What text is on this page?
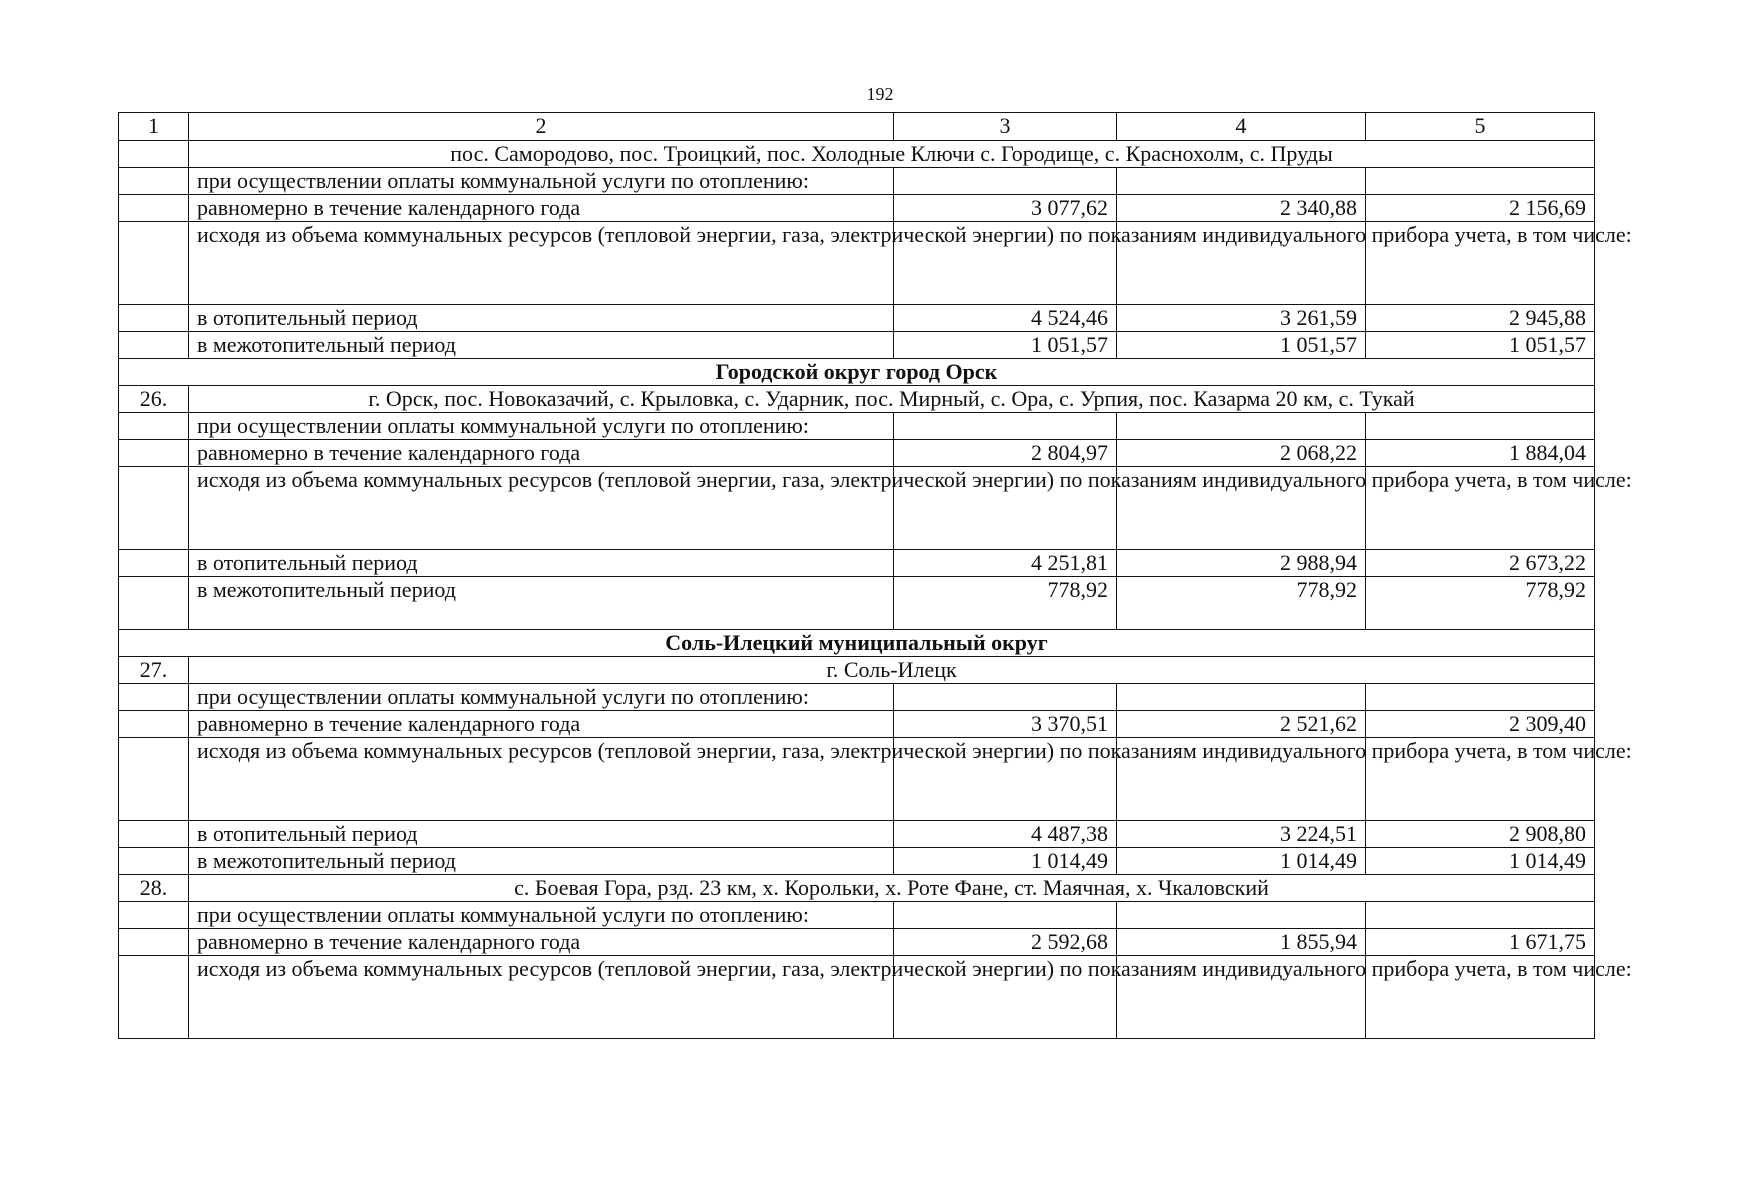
192
1	2	3	4	5
	пос. Самородово, пос. Троицкий, пос. Холодные Ключи с. Городище, с. Краснохолм, с. Пруды			
	при осуществлении оплаты коммунальной услуги по отоплению:			
	равномерно в течение календарного года	3 077,62	2 340,88	2 156,69
	исходя из объема коммунальных ресурсов (тепловой энергии, газа, электрической энергии) по показаниям индивидуального прибора учета, в том числе:			
	в отопительный период	4 524,46	3 261,59	2 945,88
	в межотопительный период	1 051,57	1 051,57	1 051,57
Городской округ город Орск				
26.	г. Орск, пос. Новоказачий, с. Крыловка, с. Ударник, пос. Мирный, с. Ора, с. Урпия, пос. Казарма 20 км, с. Тукай			
	при осуществлении оплаты коммунальной услуги по отоплению:			
	равномерно в течение календарного года	2 804,97	2 068,22	1 884,04
	исходя из объема коммунальных ресурсов (тепловой энергии, газа, электрической энергии) по показаниям индивидуального прибора учета, в том числе:			
	в отопительный период	4 251,81	2 988,94	2 673,22
	в межотопительный период	778,92	778,92	778,92
Соль-Илецкий муниципальный округ				
27.	г. Соль-Илецк			
	при осуществлении оплаты коммунальной услуги по отоплению:			
	равномерно в течение календарного года	3 370,51	2 521,62	2 309,40
	исходя из объема коммунальных ресурсов (тепловой энергии, газа, электрической энергии) по показаниям индивидуального прибора учета, в том числе:			
	в отопительный период	4 487,38	3 224,51	2 908,80
	в межотопительный период	1 014,49	1 014,49	1 014,49
28.	с. Боевая Гора, рзд. 23 км, х. Корольки, х. Роте Фане, ст. Маячная, х. Чкаловский			
	при осуществлении оплаты коммунальной услуги по отоплению:			
	равномерно в течение календарного года	2 592,68	1 855,94	1 671,75
	исходя из объема коммунальных ресурсов (тепловой энергии, газа, электрической энергии) по показаниям индивидуального прибора учета, в том числе:			
